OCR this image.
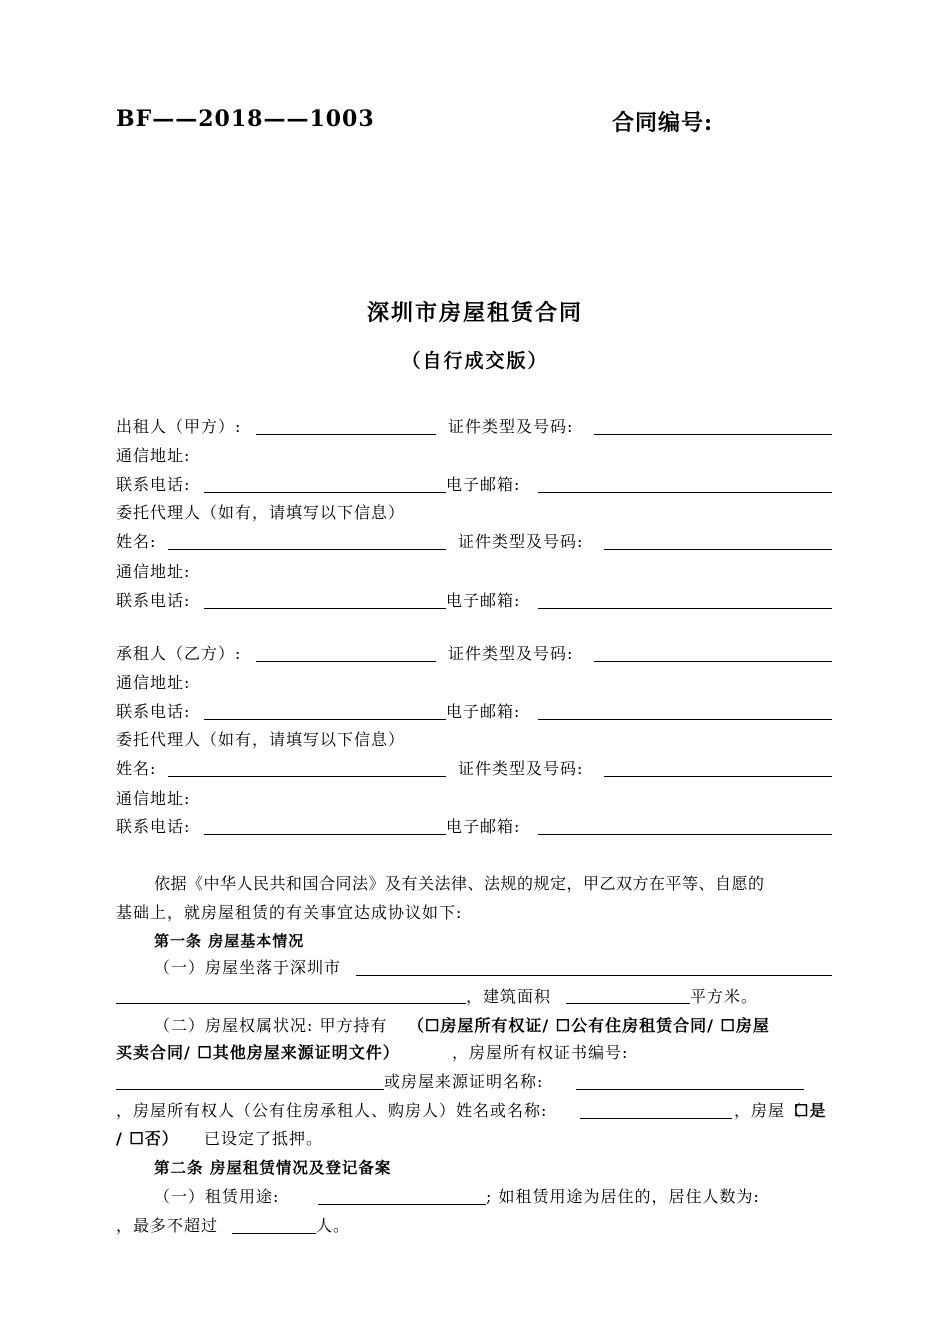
BF——2018——1003	合同编号:
深圳市房屋租赁合同
（自行成交版）
出租人（甲方）:	证件类型及号码:
通信地址:
联系电话:	电子邮箱:
委托代理人（如有，请填写以下信息）
姓名:	证件类型及号码:
通信地址:
联系电话:	电子邮箱:
承租人（乙方）:	证件类型及号码:
通信地址:
联系电话:	电子邮箱:
委托代理人（如有，请填写以下信息）
姓名:	证件类型及号码:
通信地址:
联系电话:	电子邮箱:
依据《中华人民共和国合同法》及有关法律、法规的规定，甲乙双方在平等、自愿的
基础上，就房屋租赁的有关事宜达成协议如下:
第一条 房屋基本情况
（一）房屋坐落于深圳市
，建筑面积	平方米。
（二）房屋权属状况: 甲方持有 （☐房屋所有权证/ ☐公有住房租赁合同/ ☐房屋
买卖合同/ ☐其他房屋来源证明文件）	，房屋所有权证书编号:
或房屋来源证明名称:
，房屋所有权人（公有住房承租人、购房人）姓名或名称:	，房屋（
☐是
/ ☐否） 已设定了抵押。
第二条 房屋租赁情况及登记备案
（一）租赁用途:	; 如租赁用途为居住的，居住人数为:
，最多不超过	人。
